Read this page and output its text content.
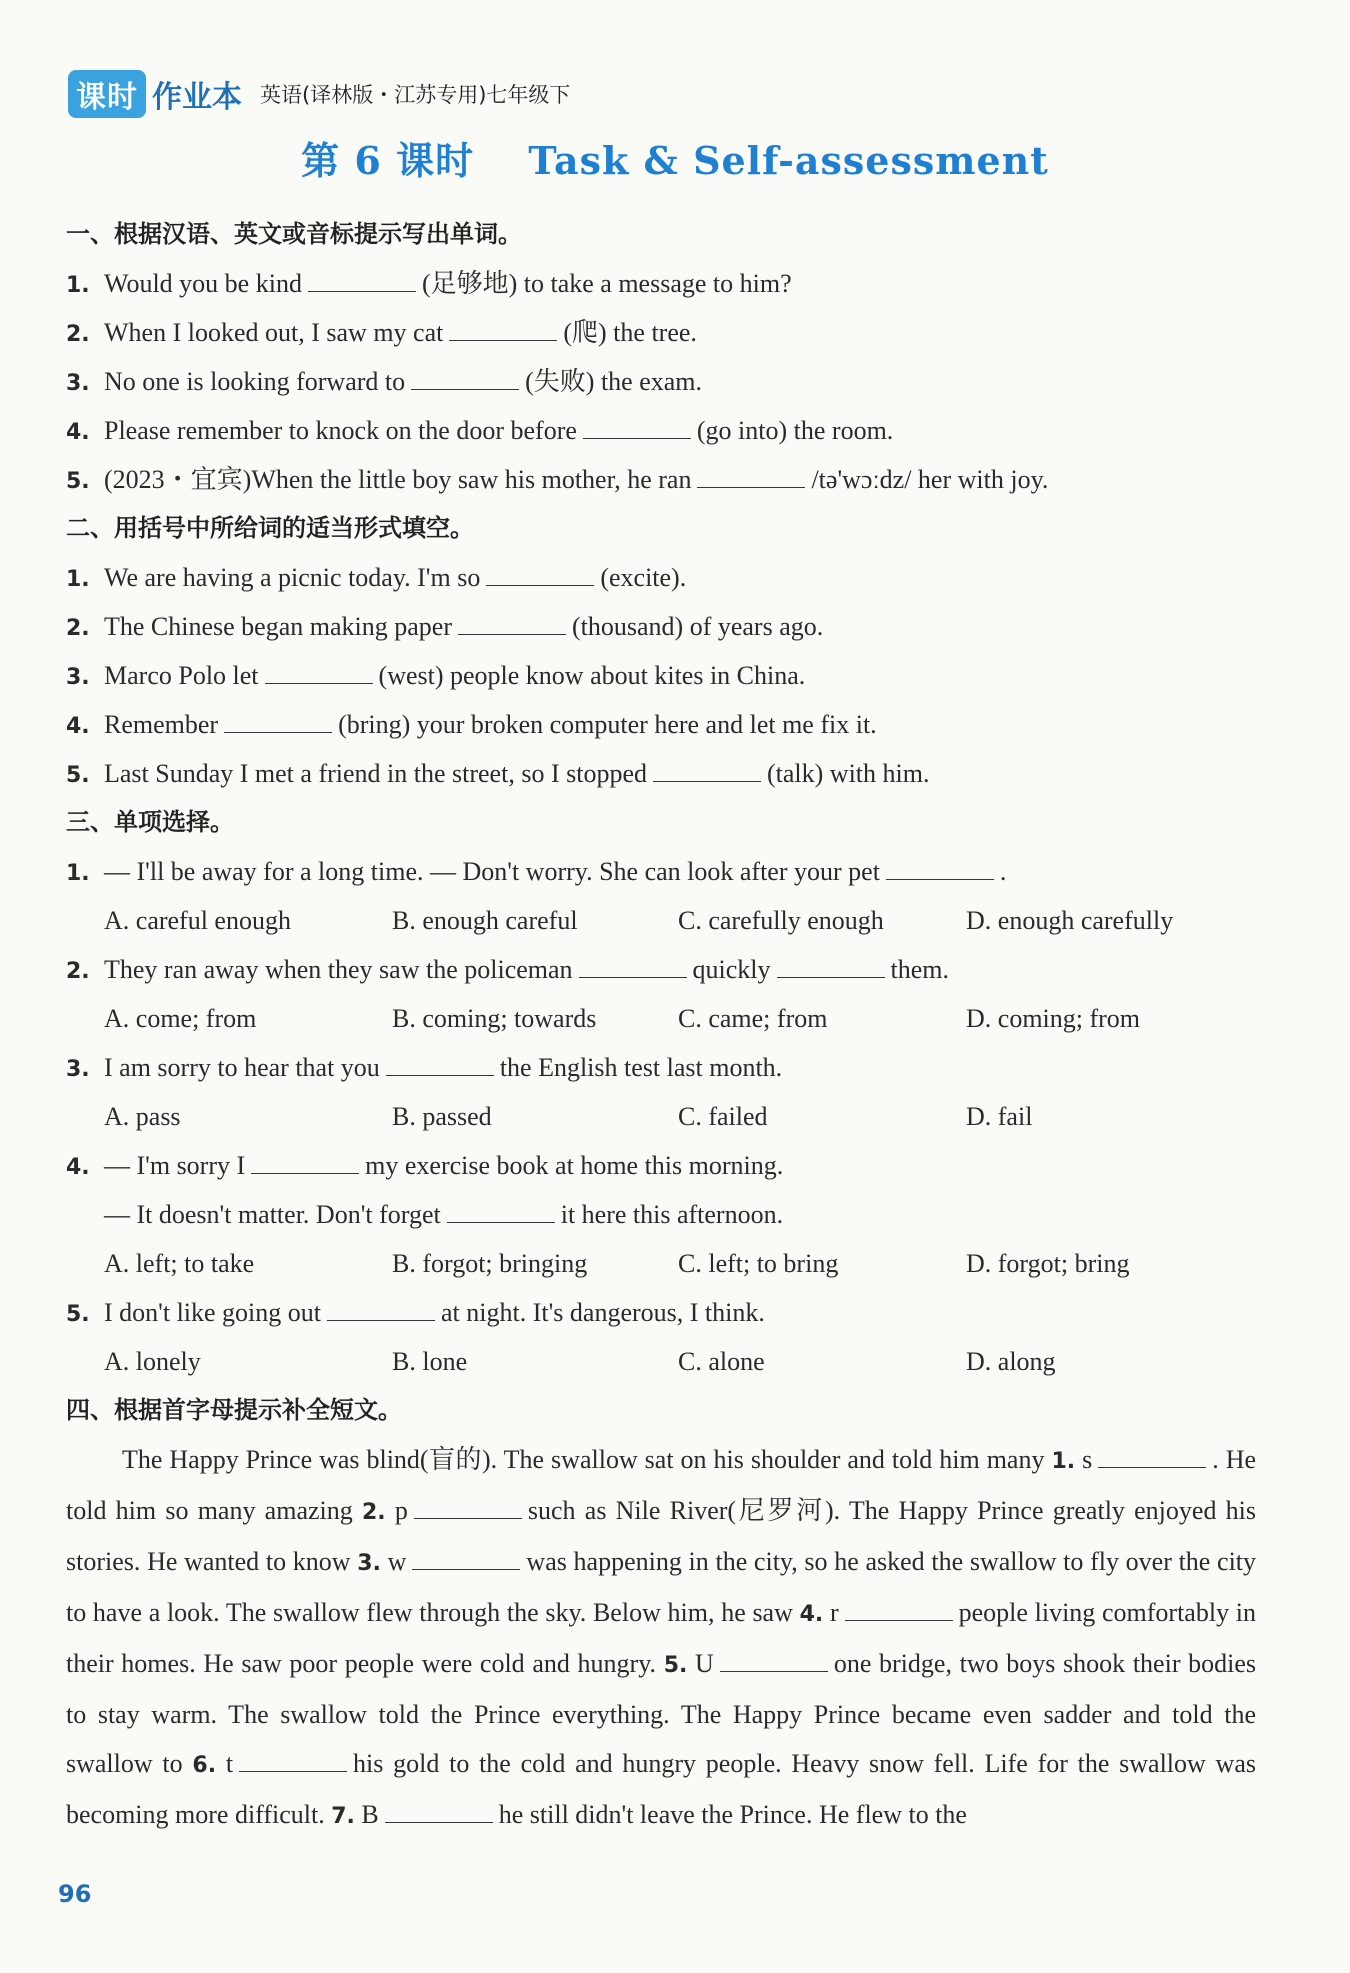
课时 作业本 英语(译林版・江苏专用)七年级下
第 6 课时 Task & Self-assessment
一、根据汉语、英文或音标提示写出单词。
1. Would you be kind	(足够地) to take a message to him?
2. When I looked out, I saw my cat	(爬) the tree.
3. No one is looking forward to	(失败) the exam.
4. Please remember to knock on the door before	(go into) the room.
5. (2023・宜宾)When the little boy saw his mother, he ran	/tə'wɔːdz/ her with joy.
二、用括号中所给词的适当形式填空。
1. We are having a picnic today. I'm so	(excite).
2. The Chinese began making paper	(thousand) of years ago.
3. Marco Polo let	(west) people know about kites in China.
4. Remember	(bring) your broken computer here and let me fix it.
5. Last Sunday I met a friend in the street, so I stopped	(talk) with him.
三、单项选择。
1. — I'll be away for a long time. — Don't worry. She can look after your pet	.
A. careful enough	B. enough careful	C. carefully enough	D. enough carefully
2. They ran away when they saw the policeman	quickly	them.
A. come; from	B. coming; towards	C. came; from	D. coming; from
3. I am sorry to hear that you	the English test last month.
A. pass	B. passed	C. failed	D. fail
4. — I'm sorry I	my exercise book at home this morning.
— It doesn't matter. Don't forget	it here this afternoon.
A. left; to take	B. forgot; bringing	C. left; to bring	D. forgot; bring
5. I don't like going out	at night. It's dangerous, I think.
A. lonely	B. lone	C. alone	D. along
四、根据首字母提示补全短文。
The Happy Prince was blind(盲的). The swallow sat on his shoulder and told him many 1. s	. He told him so many amazing 2. p	such as Nile River(尼罗河). The Happy Prince greatly enjoyed his stories. He wanted to know 3. w	was happening in the city, so he asked the swallow to fly over the city to have a look. The swallow flew through the sky. Below him, he saw 4. r	people living comfortably in their homes. He saw poor people were cold and hungry. 5. U	one bridge, two boys shook their bodies to stay warm. The swallow told the Prince everything. The Happy Prince became even sadder and told the swallow to 6. t	his gold to the cold and hungry people. Heavy snow fell. Life for the swallow was becoming more difficult. 7. B	he still didn't leave the Prince. He flew to the
96
